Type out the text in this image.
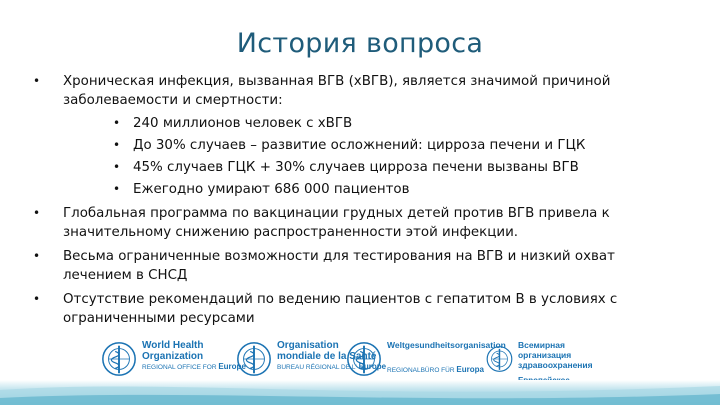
История вопроса
• Хроническая инфекция, вызванная ВГВ (хВГВ), является значимой причиной заболеваемости и смертности:
• 240 миллионов человек с хВГВ
• До 30% случаев – развитие осложнений: цирроза печени и ГЦК
• 45% случаев ГЦК + 30% случаев цирроза печени вызваны ВГВ
• Ежегодно умирают 686 000 пациентов
• Глобальная программа по вакцинации грудных детей против ВГВ привела к значительному снижению распространенности этой инфекции.
• Весьма ограниченные возможности для тестирования на ВГВ и низкий охват лечением в СНСД
• Отсутствие рекомендаций по ведению пациентов с гепатитом В в условиях с ограниченными ресурсами
World Health
Organization
REGIONAL OFFICE FOR Europe
Organisation
mondiale de la Santé
BUREAU RÉGIONAL DE L' Europe
Weltgesundheitsorganisation
REGIONALBÜRO FÜR Europa
Всемирная организация
здравоохранения
